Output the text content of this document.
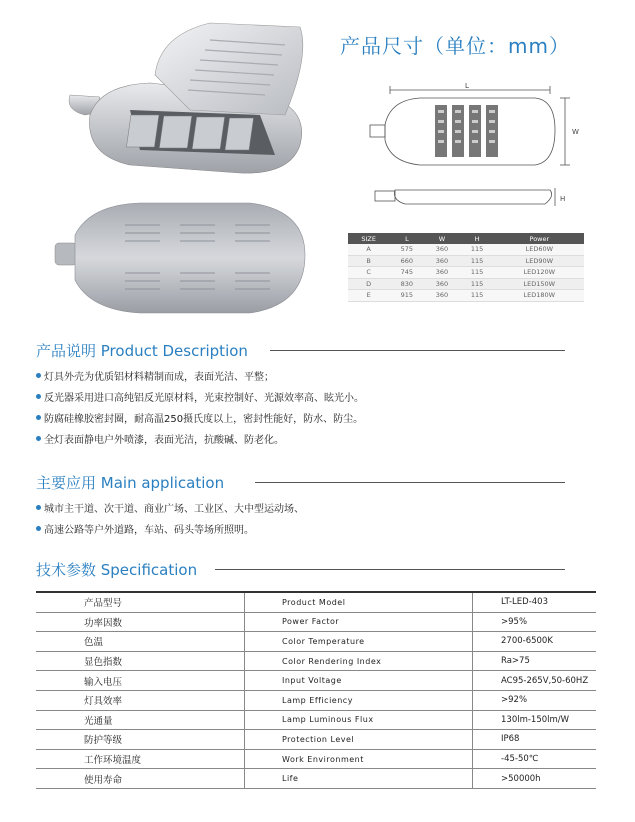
产品尺寸（单位：mm）
L
W
H
SIZE	L	W	H	Power
A	575	360	115	LED60W
B	660	360	115	LED90W
C	745	360	115	LED120W
D	830	360	115	LED150W
E	915	360	115	LED180W
产品说明 Product Description
灯具外壳为优质铝材料精制而成，表面光洁、平整；
反光器采用进口高纯铝反光原材料，光束控制好、光源效率高、眩光小。
防腐硅橡胶密封圈，耐高温250摄氏度以上，密封性能好，防水、防尘。
全灯表面静电户外喷漆，表面光洁，抗酸碱、防老化。
主要应用 Main application
城市主干道、次干道、商业广场、工业区、大中型运动场、
高速公路等户外道路，车站、码头等场所照明。
技术参数 Specification
产品型号	Product Model	LT-LED-403
功率因数	Power Factor	>95%
色温	Color Temperature	2700-6500K
显色指数	Color Rendering Index	Ra>75
输入电压	Input Voltage	AC95-265V,50-60HZ
灯具效率	Lamp Efficiency	>92%
光通量	Lamp Luminous Flux	130lm-150lm/W
防护等级	Protection Level	IP68
工作环境温度	Work Environment	-45-50℃
使用寿命	Life	>50000h
